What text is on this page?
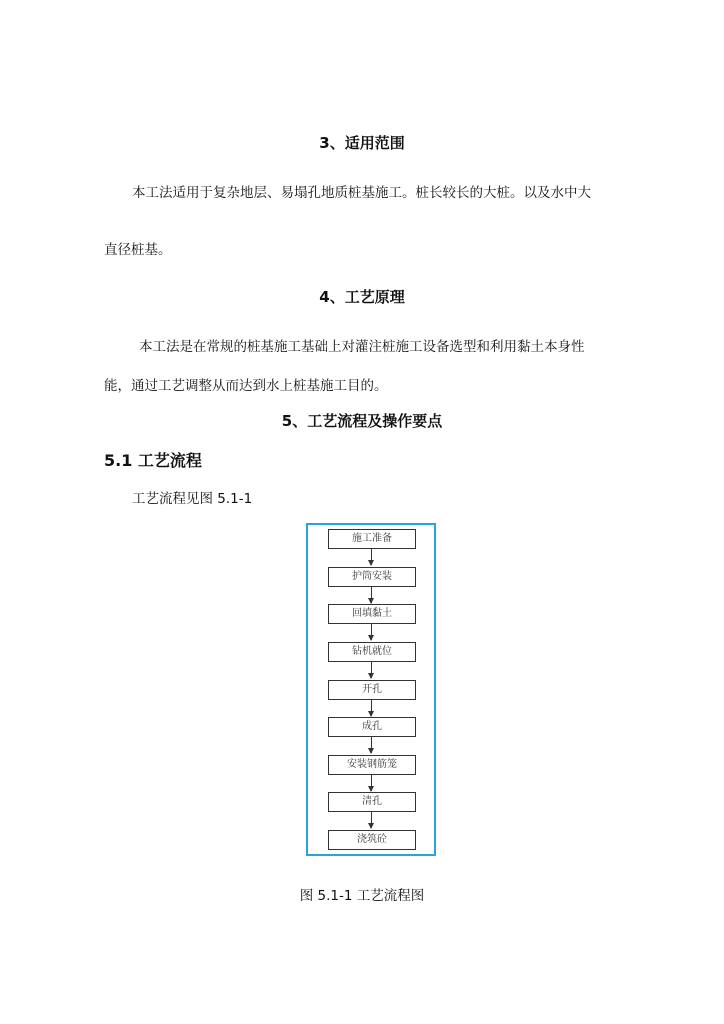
3、适用范围
本工法适用于复杂地层、易塌孔地质桩基施工。桩长较长的大桩。以及水中大
直径桩基。
4、工艺原理
本工法是在常规的桩基施工基础上对灌注桩施工设备选型和利用黏土本身性
能，通过工艺调整从而达到水上桩基施工目的。
5、工艺流程及操作要点
5.1 工艺流程
工艺流程见图 5.1-1
施工准备
护筒安装
回填黏土
钻机就位
开孔
成孔
安装钢筋笼
清孔
浇筑砼
图 5.1-1 工艺流程图
